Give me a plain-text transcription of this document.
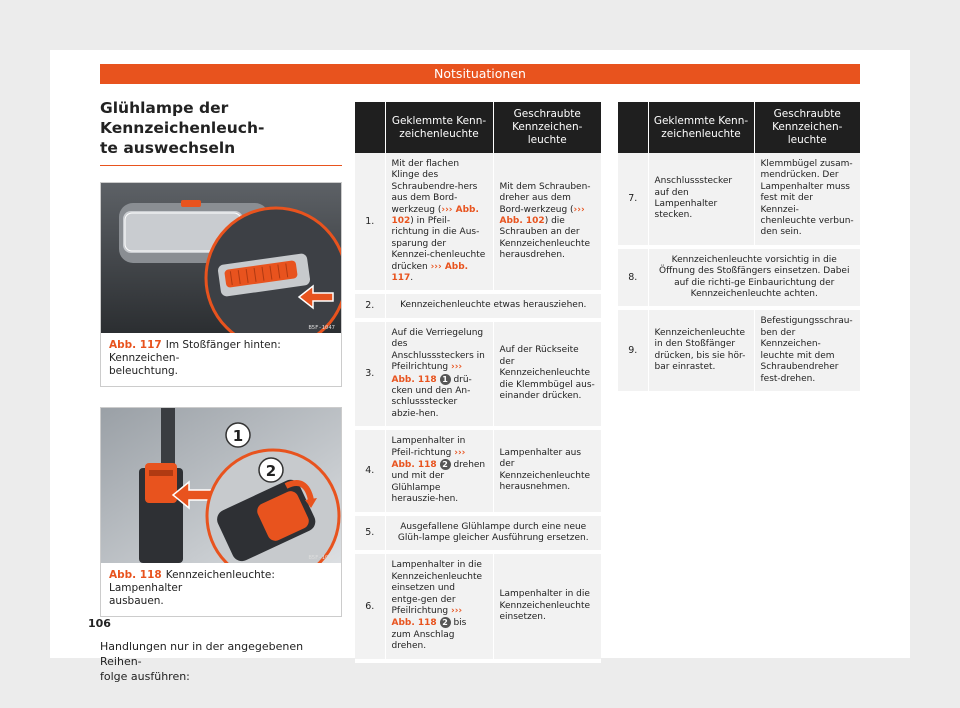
Notsituationen
Glühlampe der Kennzeichenleuch-
te auswechseln
B5F-1047
Abb. 117 Im Stoßfänger hinten: Kennzeichen-
beleuchtung.
1
2
B5F-1048
Abb. 118 Kennzeichenleuchte: Lampenhalter
ausbauen.
Handlungen nur in der angegebenen Reihen-
folge ausführen:
	Geklemmte Kenn-
zeichenleuchte	Geschraubte
Kennzeichen-
leuchte
1.	Mit der flachen Klinge des Schraubendre-hers aus dem Bord-werkzeug (››› Abb. 102) in Pfeil-richtung in die Aus-sparung der Kennzei-chenleuchte drücken ››› Abb. 117.	Mit dem Schrauben-dreher aus dem Bord-werkzeug (››› Abb. 102) die Schrauben an der Kennzeichenleuchte herausdrehen.
2.	Kennzeichenleuchte etwas herausziehen.	
3.	Auf die Verriegelung des Anschlusssteckers in Pfeilrichtung ››› Abb. 118 1 drü-cken und den An-schlussstecker abzie-hen.	Auf der Rückseite der Kennzeichenleuchte die Klemmbügel aus-einander drücken.
4.	Lampenhalter in Pfeil-richtung ››› Abb. 118 2 drehen und mit der Glühlampe herauszie-hen.	Lampenhalter aus der Kennzeichenleuchte herausnehmen.
5.	Ausgefallene Glühlampe durch eine neue Glüh-lampe gleicher Ausführung ersetzen.	
6.	Lampenhalter in die Kennzeichenleuchte einsetzen und entge-gen der Pfeilrichtung ››› Abb. 118 2 bis zum Anschlag drehen.	Lampenhalter in die Kennzeichenleuchte einsetzen.
	Geklemmte Kenn-
zeichenleuchte	Geschraubte
Kennzeichen-
leuchte
7.	Anschlussstecker auf den Lampenhalter stecken.	Klemmbügel zusam-mendrücken. Der Lampenhalter muss fest mit der Kennzei-chenleuchte verbun-den sein.
8.	Kennzeichenleuchte vorsichtig in die Öffnung des Stoßfängers einsetzen. Dabei auf die richti-ge Einbaurichtung der Kennzeichenleuchte achten.	
9.	Kennzeichenleuchte in den Stoßfänger drücken, bis sie hör-bar einrastet.	Befestigungsschrau-ben der Kennzeichen-leuchte mit dem Schraubendreher fest-drehen.
106
